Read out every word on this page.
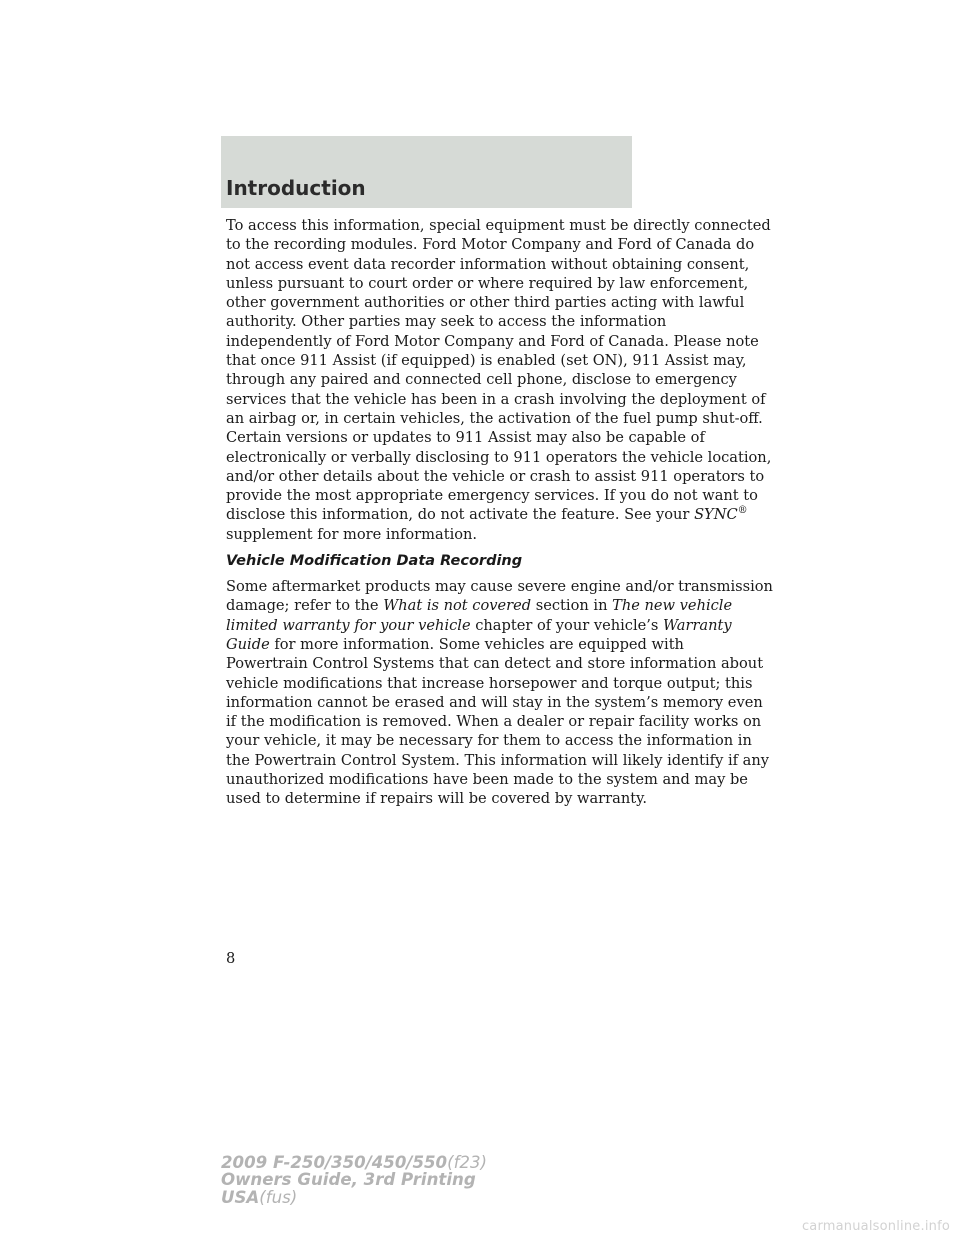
Introduction

To access this information, special equipment must be directly connected

to the recording modules. Ford Motor Company and Ford of Canada do

not access event data recorder information without obtaining consent,

unless pursuant to court order or where required by law enforcement,

other government authorities or other third parties acting with lawful

authority. Other parties may seek to access the information

independently of Ford Motor Company and Ford of Canada. Please note

that once 911 Assist (if equipped) is enabled (set ON), 911 Assist may,

through any paired and connected cell phone, disclose to emergency

services that the vehicle has been in a crash involving the deployment of

an airbag or, in certain vehicles, the activation of the fuel pump shut-off.

Certain versions or updates to 911 Assist may also be capable of

electronically or verbally disclosing to 911 operators the vehicle location,

and/or other details about the vehicle or crash to assist 911 operators to

provide the most appropriate emergency services. If you do not want to

disclose this information, do not activate the feature. See your SYNC®

supplement for more information.

Vehicle Modification Data Recording

Some aftermarket products may cause severe engine and/or transmission

damage; refer to the What is not covered section in The new vehicle

limited warranty for your vehicle chapter of your vehicle’s Warranty

Guide for more information. Some vehicles are equipped with

Powertrain Control Systems that can detect and store information about

vehicle modifications that increase horsepower and torque output; this

information cannot be erased and will stay in the system’s memory even

if the modification is removed. When a dealer or repair facility works on

your vehicle, it may be necessary for them to access the information in

the Powertrain Control System. This information will likely identify if any

unauthorized modifications have been made to the system and may be

used to determine if repairs will be covered by warranty.

8

2009 F-250/350/450/550(f23)
Owners Guide, 3rd Printing
USA(fus)
carmanualsonline.info
